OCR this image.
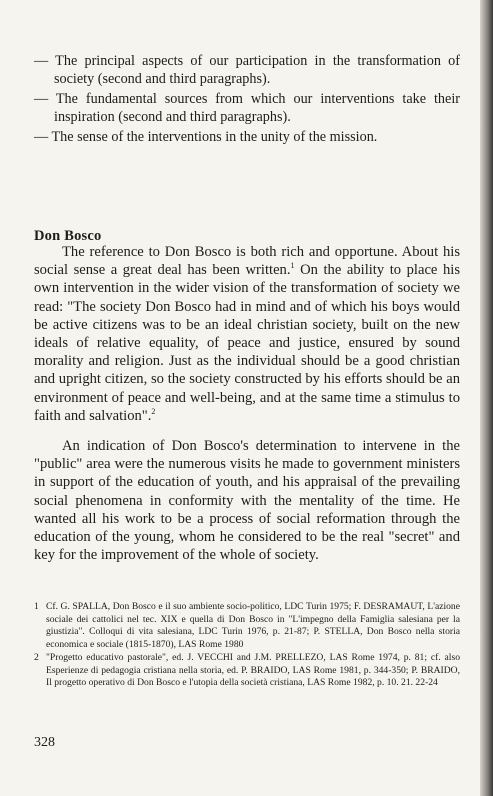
— The principal aspects of our participation in the transformation of society (second and third paragraphs).
— The fundamental sources from which our interventions take their inspiration (second and third paragraphs).
— The sense of the interventions in the unity of the mission.
Don Bosco

The reference to Don Bosco is both rich and opportune. About his social sense a great deal has been written.$^1$ On the ability to place his own intervention in the wider vision of the transformation of society we read: "The society Don Bosco had in mind and of which his boys would be active citizens was to be an ideal christian society, built on the new ideals of relative equality, of peace and justice, ensured by sound morality and religion. Just as the individual should be a good christian and upright citizen, so the society constructed by his efforts should be an environment of peace and well-being, and at the same time a stimulus to faith and salvation".$^2$

An indication of Don Bosco's determination to intervene in the "public" area were the numerous visits he made to government ministers in support of the education of youth, and his appraisal of the prevailing social phenomena in conformity with the mentality of the time. He wanted all his work to be a process of social reformation through the education of the young, whom he considered to be the real "secret" and key for the improvement of the whole of society.

1 Cf. G. SPALLA, Don Bosco e il suo ambiente socio-politico, LDC Turin 1975; F. DESRAMAUT, L'azione sociale dei cattolici nel tec. XIX e quella di Don Bosco in "L'impegno della Famiglia salesiana per la giustizia". Colloqui di vita salesiana, LDC Turin 1976, p. 21-87; P. STELLA, Don Bosco nella storia economica e sociale (1815-1870), LAS Rome 1980
2 "Progetto educativo pastorale", ed. J. VECCHI and J.M. PRELLEZO, LAS Rome 1974, p. 81; cf. also Esperienze di pedagogia cristiana nella storia, ed. P. BRAIDO, LAS Rome 1981, p. 344-350; P. BRAIDO, Il progetto operativo di Don Bosco e l'utopia della società cristiana, LAS Rome 1982, p. 10. 21. 22-24
328
